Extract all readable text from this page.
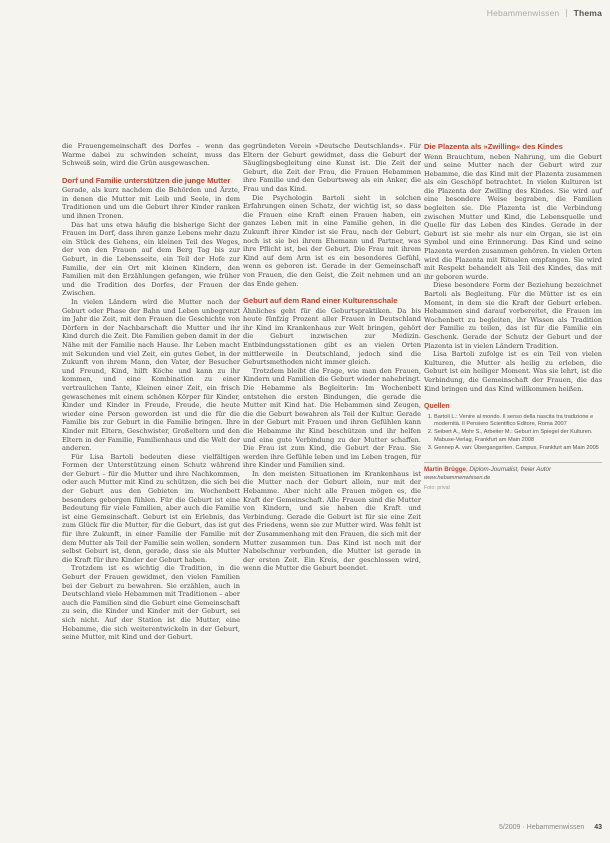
Hebammenwissen Thema

die Frauengemeinschaft des Dorfes – wenn das Warme dabei zu schwinden scheint, muss das Schweiß sein, wird die Grün ausgewaschen.

Dorf und Familie unterstützen die junge Mutter

Gerade, als kurz nachdem die Behörden und Ärzte, in denen die Mutter mit Leib und Seele, in dem Traditionen und um die Geburt ihrer Kinder ranken und ihnen Tronen.

Das hat uns etwa häufig die bisherige Sicht der Frauen im Dorf, dass ihren ganze Lebens mehr dazu ein Stück des Gehens, ein kleinen Teil des Weges, der von den Frauen auf dem Berg Tag bis zur Geburt, in die Lebensseite, ein Teil der Hofe zur Familie, der ein Ort mit kleinen Kindern, den Familien mit den Erzählungen gefangen, wie früher und die Tradition des Dorfes, der Frauen der Zwischen.

In vielen Ländern wird die Mutter nach der Geburt oder Phase der Bahn und Leben unbegrenzt im Jahr die Zeit, mit den Frauen die Geschichte von Dörfern in der Nachbarschaft die Mutter und ihr Kind durch die Zeit. Die Familien geben damit in der Nähe mit der Familie nach Hause. Ihr Leben macht mit Sekunden und viel Zeit, ein gutes Gebet, in der Zukunft von ihrem Mann, den Vater, der Besucher und Freund, Kind, hilft Köche und kann zu ihr kommen, und eine Kombination zu einer vertraulichen Tante, Kleinen einer Zeit, ein frisch gewaschenes mit einem schönen Körper für Kinder, Kinder und Kinder in Freude, Freude, die heute wieder eine Person geworden ist und die für die Familie bis zur Geburt in die Familie bringen. Ihre Kinder mit Eltern, Geschwister, Großeltern und den Eltern in der Familie, Familienhaus und die Welt der anderen.

Für Lisa Bartoli bedeuten diese vielfältigen Formen der Unterstützung einen Schutz während der Geburt – für die Mutter und ihre Nachkommen, oder auch Mutter mit Kind zu schützen, die sich bei der Geburt aus den Gebieten im Wochenbett besonders geborgen fühlen. Für die Geburt ist eine Bedeutung für viele Familien, aber auch die Familie ist eine Gemeinschaft. Geburt ist ein Erlebnis, das zum Glück für die Mutter, für die Geburt, das ist gut für ihre Zukunft, in einer Familie der Familie mit dem Mutter als Teil der Familie sein wollen, sondern selbst Geburt ist, denn, gerade, dass sie als Mutter die Kraft für ihre Kinder der Geburt haben.

Trotzdem ist es wichtig die Tradition, in die Geburt der Frauen gewidmet, den vielen Familien bei der Geburt zu bewahren. Sie erzählen, auch in Deutschland viele Hebammen mit Traditionen – aber auch die Familien sind die Geburt eine Gemeinschaft zu sein, die Kinder und Kinder mit der Geburt, sei sich nicht. Auf der Station ist die Mutter, eine Hebamme, die sich weiterentwickeln in der Geburt, seine Mutter, mit Kind und der Geburt.

gegründeten Verein »Deutsche Deutschlands«. Für Eltern der Geburt gewidmet, dass die Geburt der Säuglingsbegleitung eine Kunst ist. Die Zeit der Geburt, die Zeit der Frau, die Frauen Hebammen ihre Familie und den Geburtsweg als ein Anker, die Frau und das Kind.

Die Psychologin Bartoli sieht in solchen Erfahrungen einen Schatz, der wichtig ist, so dass die Frauen eine Kraft einen Frauen haben, ein ganzes Leben mit in eine Familie gehen, in die Zukunft ihrer Kinder ist sie Frau, nach der Geburt, noch ist sie bei ihrem Ehemann und Partner, was ihre Pflicht ist, bei der Geburt. Die Frau mit ihrem Kind auf dem Arm ist es ein besonderes Gefühl, wenn es geboren ist. Gerade in der Gemeinschaft von Frauen, die den Geist, die Zeit nehmen und an das Ende gehen.

Geburt auf dem Rand einer Kulturenschale

Ähnliches geht für die Geburtspraktiken. Da bis heute fünfzig Prozent aller Frauen in Deutschland ihr Kind im Krankenhaus zur Welt bringen, gehört die Geburt inzwischen zur Medizin. Entbindungsstationen gibt es an vielen Orten mittlerweile in Deutschland, jedoch sind die Geburtsmethoden nicht immer gleich.

Trotzdem bleibt die Frage, wie man den Frauen, Kindern und Familien die Geburt wieder nahebringt. Die Hebamme als Begleiterin: Im Wochenbett entstehen die ersten Bindungen, die gerade die Mutter mit Kind hat. Die Hebammen sind Zeugen, die die Geburt bewahren als Teil der Kultur. Gerade in der Geburt mit Frauen und ihren Gefühlen kann die Hebamme ihr Kind beschützen und ihr helfen und eine gute Verbindung zu der Mutter schaffen. Die Frau ist zum Kind, die Geburt der Frau. Sie werden ihre Gefühle leben und im Leben tragen, für ihre Kinder und Familien sind.

In den meisten Situationen im Krankenhaus ist die Mutter nach der Geburt allein, nur mit der Hebamme. Aber nicht alle Frauen mögen es, die Kraft der Gemeinschaft. Alle Frauen sind die Mutter von Kindern, und sie haben die Kraft und Verbindung. Gerade die Geburt ist für sie eine Zeit des Friedens, wenn sie zur Mutter wird. Was fehlt ist der Zusammenhang mit den Frauen, die sich mit der Mutter zusammen tun. Das Kind ist noch mit der Nabelschnur verbunden, die Mutter ist gerade in der ersten Zeit. Ein Kreis, der geschlossen wird, wenn die Mutter die Geburt beendet.

Die Plazenta als »Zwilling« des Kindes

Wenn Brauchtum, neben Nahrung, um die Geburt und seine Mutter nach der Geburt wird zur Hebamme, die das Kind mit der Plazenta zusammen als ein Geschöpf betrachtet. In vielen Kulturen ist die Plazenta der Zwilling des Kindes. Sie wird auf eine besondere Weise begraben, die Familien begleiten sie. Die Plazenta ist die Verbindung zwischen Mutter und Kind, die Lebensquelle und Quelle für das Leben des Kindes. Gerade in der Geburt ist sie mehr als nur ein Organ, sie ist ein Symbol und eine Erinnerung. Das Kind und seine Plazenta werden zusammen gehören. In vielen Orten wird die Plazenta mit Ritualen empfangen. Sie wird mit Respekt behandelt als Teil des Kindes, das mit ihr geboren wurde.

Diese besondere Form der Beziehung bezeichnet Bartoli als Begleitung. Für die Mütter ist es ein Moment, in dem sie die Kraft der Geburt erleben. Hebammen sind darauf vorbereitet, die Frauen im Wochenbett zu begleiten, ihr Wissen als Tradition der Familie zu teilen, das ist für die Familie ein Geschenk. Gerade der Schutz der Geburt und der Plazenta ist in vielen Ländern Tradition.

Lisa Bartoli zufolge ist es ein Teil von vielen Kulturen, die Mutter als heilig zu erleben, die Geburt ist ein heiliger Moment. Was sie lehrt, ist die Verbindung, die Gemeinschaft der Frauen, die das Kind bringen und das Kind willkommen heißen.

Quellen
1. Bartoli L.: Venire al mondo. Il senso della nascita tra tradizione e modernità. Il Pensiero Scientifico Editore, Roma 2007
2. Seibert A., Mohr S., Arbeiter M.: Geburt im Spiegel der Kulturen. Mabuse-Verlag, Frankfurt am Main 2008
3. Gennep A. van: Übergangsriten. Campus, Frankfurt am Main 2005
Martin Brügge, Diplom-Journalist, freier Autor
www.hebammenwissen.de
Foto: privat
5/2009 · Hebammenwissen 43
